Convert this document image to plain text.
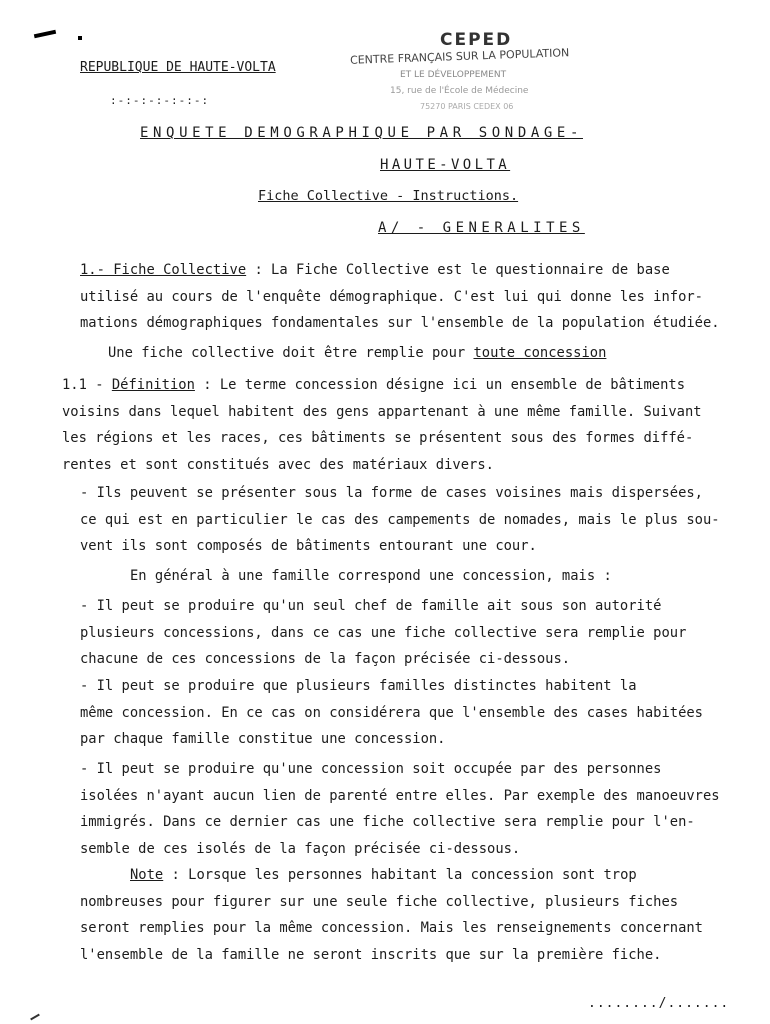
REPUBLIQUE DE HAUTE-VOLTA
:-:-:-:-:-:-:
CEPED
CENTRE FRANÇAIS SUR LA POPULATION
ET LE DÉVELOPPEMENT
15, rue de l'École de Médecine
75270 PARIS CEDEX 06
ENQUETE DEMOGRAPHIQUE PAR SONDAGE-
HAUTE-VOLTA
Fiche Collective - Instructions.
A/ - GENERALITES
1.- Fiche Collective : La Fiche Collective est le questionnaire de base
utilisé au cours de l'enquête démographique. C'est lui qui donne les infor-
mations démographiques fondamentales sur l'ensemble de la population étudiée.
Une fiche collective doit être remplie pour toute concession
1.1 - Définition : Le terme concession désigne ici un ensemble de bâtiments
voisins dans lequel habitent des gens appartenant à une même famille. Suivant
les régions et les races, ces bâtiments se présentent sous des formes diffé-
rentes et sont constitués avec des matériaux divers.
- Ils peuvent se présenter sous la forme de cases voisines mais dispersées,
ce qui est en particulier le cas des campements de nomades, mais le plus sou-
vent ils sont composés de bâtiments entourant une cour.
En général à une famille correspond une concession, mais :
- Il peut se produire qu'un seul chef de famille ait sous son autorité
plusieurs concessions, dans ce cas une fiche collective sera remplie pour
chacune de ces concessions de la façon précisée ci-dessous.
- Il peut se produire que plusieurs familles distinctes habitent la
même concession. En ce cas on considérera que l'ensemble des cases habitées
par chaque famille constitue une concession.
- Il peut se produire qu'une concession soit occupée par des personnes
isolées n'ayant aucun lien de parenté entre elles. Par exemple des manoeuvres
immigrés. Dans ce dernier cas une fiche collective sera remplie pour l'en-
semble de ces isolés de la façon précisée ci-dessous.
Note : Lorsque les personnes habitant la concession sont trop
nombreuses pour figurer sur une seule fiche collective, plusieurs fiches
seront remplies pour la même concession. Mais les renseignements concernant
l'ensemble de la famille ne seront inscrits que sur la première fiche.
......../.......
